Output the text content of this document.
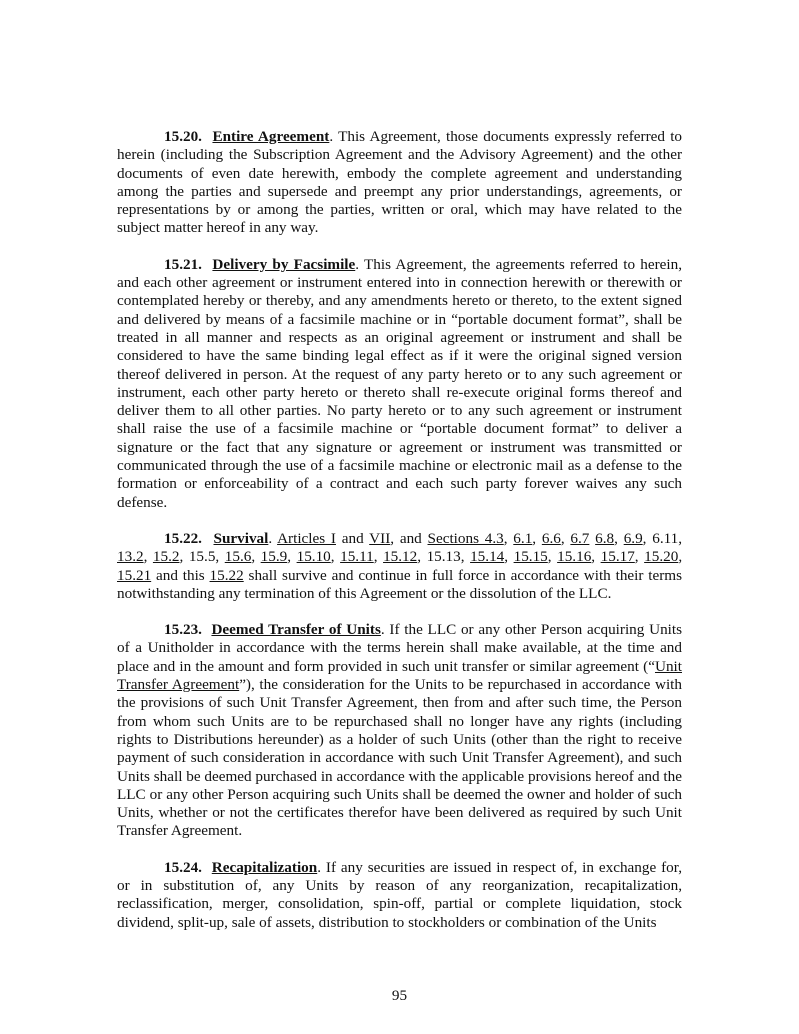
15.20. Entire Agreement. This Agreement, those documents expressly referred to herein (including the Subscription Agreement and the Advisory Agreement) and the other documents of even date herewith, embody the complete agreement and understanding among the parties and supersede and preempt any prior understandings, agreements, or representations by or among the parties, written or oral, which may have related to the subject matter hereof in any way.

15.21. Delivery by Facsimile. This Agreement, the agreements referred to herein, and each other agreement or instrument entered into in connection herewith or therewith or contemplated hereby or thereby, and any amendments hereto or thereto, to the extent signed and delivered by means of a facsimile machine or in “portable document format”, shall be treated in all manner and respects as an original agreement or instrument and shall be considered to have the same binding legal effect as if it were the original signed version thereof delivered in person. At the request of any party hereto or to any such agreement or instrument, each other party hereto or thereto shall re-execute original forms thereof and deliver them to all other parties. No party hereto or to any such agreement or instrument shall raise the use of a facsimile machine or “portable document format” to deliver a signature or the fact that any signature or agreement or instrument was transmitted or communicated through the use of a facsimile machine or electronic mail as a defense to the formation or enforceability of a contract and each such party forever waives any such defense.

15.22. Survival. Articles I and VII, and Sections 4.3, 6.1, 6.6, 6.7 6.8, 6.9, 6.11, 13.2, 15.2, 15.5, 15.6, 15.9, 15.10, 15.11, 15.12, 15.13, 15.14, 15.15, 15.16, 15.17, 15.20, 15.21 and this 15.22 shall survive and continue in full force in accordance with their terms notwithstanding any termination of this Agreement or the dissolution of the LLC.

15.23. Deemed Transfer of Units. If the LLC or any other Person acquiring Units of a Unitholder in accordance with the terms herein shall make available, at the time and place and in the amount and form provided in such unit transfer or similar agreement (“Unit Transfer Agreement”), the consideration for the Units to be repurchased in accordance with the provisions of such Unit Transfer Agreement, then from and after such time, the Person from whom such Units are to be repurchased shall no longer have any rights (including rights to Distributions hereunder) as a holder of such Units (other than the right to receive payment of such consideration in accordance with such Unit Transfer Agreement), and such Units shall be deemed purchased in accordance with the applicable provisions hereof and the LLC or any other Person acquiring such Units shall be deemed the owner and holder of such Units, whether or not the certificates therefor have been delivered as required by such Unit Transfer Agreement.

15.24. Recapitalization. If any securities are issued in respect of, in exchange for, or in substitution of, any Units by reason of any reorganization, recapitalization, reclassification, merger, consolidation, spin-off, partial or complete liquidation, stock dividend, split-up, sale of assets, distribution to stockholders or combination of the Units

95
